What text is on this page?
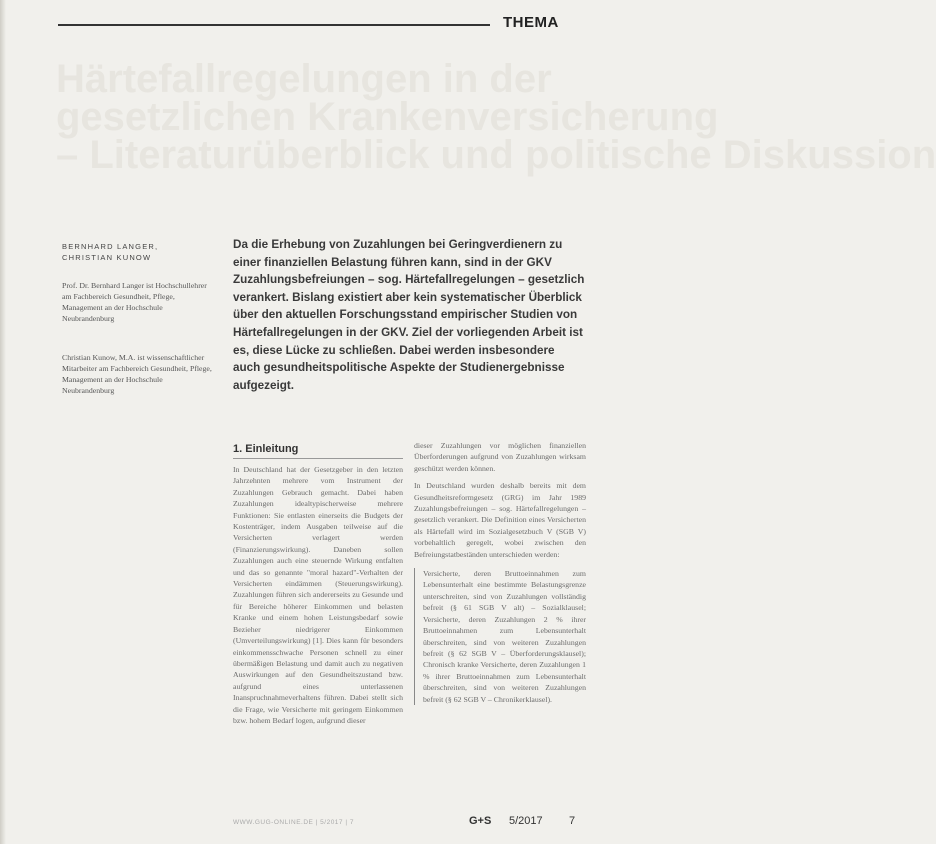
THEMA
Härtefallregelungen in der
gesetzlichen Krankenversicherung
– Literaturüberblick und politische Diskussion
BERNHARD LANGER,
CHRISTIAN KUNOW
Prof. Dr. Bernhard Langer ist Hochschullehrer am Fachbereich Gesundheit, Pflege, Management an der Hochschule Neubrandenburg
Christian Kunow, M.A. ist wissenschaftlicher Mitarbeiter am Fachbereich Gesundheit, Pflege, Management an der Hochschule Neubrandenburg
Da die Erhebung von Zuzahlungen bei Geringverdienern zu einer finanziellen Belastung führen kann, sind in der GKV Zuzahlungsbefreiungen – sog. Härtefallregelungen – gesetzlich verankert. Bislang existiert aber kein systematischer Überblick über den aktuellen Forschungsstand empirischer Studien von Härtefallregelungen in der GKV. Ziel der vorliegenden Arbeit ist es, diese Lücke zu schließen. Dabei werden insbesondere auch gesundheitspolitische Aspekte der Studienergebnisse aufgezeigt.
1. Einleitung
In Deutschland hat der Gesetzgeber in den letzten Jahrzehnten mehrere vom Instrument der Zuzahlungen Gebrauch gemacht. Dabei haben Zuzahlungen idealtypischerweise mehrere Funktionen: Sie entlasten einerseits die Budgets der Kostenträger, indem Ausgaben teilweise auf die Versicherten verlagert werden (Finanzierungswirkung). Daneben sollen Zuzahlungen auch eine steuernde Wirkung entfalten und das so genannte "moral hazard"-Verhalten der Versicherten eindämmen (Steuerungswirkung). Zuzahlungen führen sich andererseits zu Gesunde und für Bereiche höherer Einkommen und belasten Kranke und einem hohen Leistungsbedarf sowie Bezieher niedrigerer Einkommen (Umverteilungswirkung) [1]. Dies kann für besonders einkommensschwache Personen schnell zu einer übermäßigen Belastung und damit auch zu negativen Auswirkungen auf den Gesundheitszustand bzw. aufgrund eines unterlassenen Inanspruchnahmeverhaltens führen. Dabei stellt sich die Frage, wie Versicherte mit geringem Einkommen bzw. hohem Bedarf logen, aufgrund dieser
dieser Zuzahlungen vor möglichen finanziellen Überforderungen aufgrund von Zuzahlungen wirksam geschützt werden können.
In Deutschland wurden deshalb bereits mit dem Gesundheitsreformgesetz (GRG) im Jahr 1989 Zuzahlungsbefreiungen – sog. Härtefallregelungen – gesetzlich verankert. Die Definition eines Versicherten als Härtefall wird im Sozialgesetzbuch V (SGB V) vorbehaltlich geregelt, wobei zwischen den Befreiungstatbeständen unterschieden werden:
Versicherte, deren Bruttoeinnahmen zum Lebensunterhalt eine bestimmte Belastungsgrenze unterschreiten, sind von Zuzahlungen vollständig befreit (§ 61 SGB V alt) – Sozialklausel; Versicherte, deren Zuzahlungen 2 % ihrer Bruttoeinnahmen zum Lebensunterhalt überschreiten, sind von weiteren Zuzahlungen befreit (§ 62 SGB V – Überforderungsklausel); Chronisch kranke Versicherte, deren Zuzahlungen 1 % ihrer Bruttoeinnahmen zum Lebensunterhalt überschreiten, sind von weiteren Zuzahlungen befreit (§ 62 SGB V – Chronikerklausel).
WWW.GUG-ONLINE.DE | 5/2017 | 7	G+S 5/2017 7
